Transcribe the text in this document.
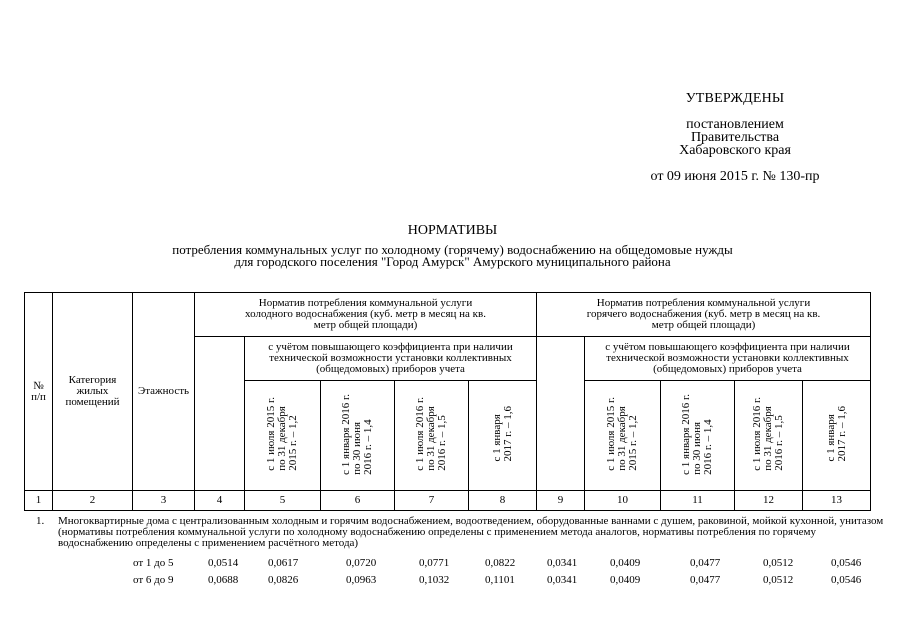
УТВЕРЖДЕНЫ
постановлением
Правительства
Хабаровского края
от 09 июня 2015 г. № 130-пр
НОРМАТИВЫ
потребления коммунальных услуг по холодному (горячему) водоснабжению на общедомовые нужды
для городского поселения "Город Амурск" Амурского муниципального района
№ п/п	Категория жилых помещений	Этажность	Норматив потребления коммунальной услуги холодного водоснабжения (куб. метр в месяц на кв. метр общей площади)					Норматив потребления коммунальной услуги горячего водоснабжения (куб. метр в месяц на кв. метр общей площади)				
				с учётом повышающего коэффициента при наличии технической возможности установки коллективных (общедомовых) приборов учета					с учётом повышающего коэффициента при наличии технической возможности установки коллективных (общедомовых) приборов учета			
				с 1 июля 2015 г.
по 31 декабря
2015 г. – 1,2	с 1 января 2016 г.
по 30 июня
2016 г. – 1,4	с 1 июля 2016 г.
по 31 декабря
2016 г. – 1,5	с 1 января
2017 г. – 1,6		с 1 июля 2015 г.
по 31 декабря
2015 г. – 1,2	с 1 января 2016 г.
по 30 июня
2016 г. – 1,4	с 1 июля 2016 г.
по 31 декабря
2016 г. – 1,5	с 1 января
2017 г. – 1,6
1	2	3	4	5	6	7	8	9	10	11	12	13
1. Многоквартирные дома с централизованным холодным и горячим водоснабжением, водоотведением, оборудованные ваннами с душем, раковиной, мойкой кухонной, унитазом (нормативы потребления коммунальной услуги по холодному водоснабжению определены с применением метода аналогов, нормативы потребления по горячему водоснабжению определены с применением расчётного метода)
от 1 до 5	0,0514	0,0617	0,0720	0,0771	0,0822	0,0341	0,0409	0,0477	0,0512	0,0546
от 6 до 9	0,0688	0,0826	0,0963	0,1032	0,1101	0,0341	0,0409	0,0477	0,0512	0,0546
